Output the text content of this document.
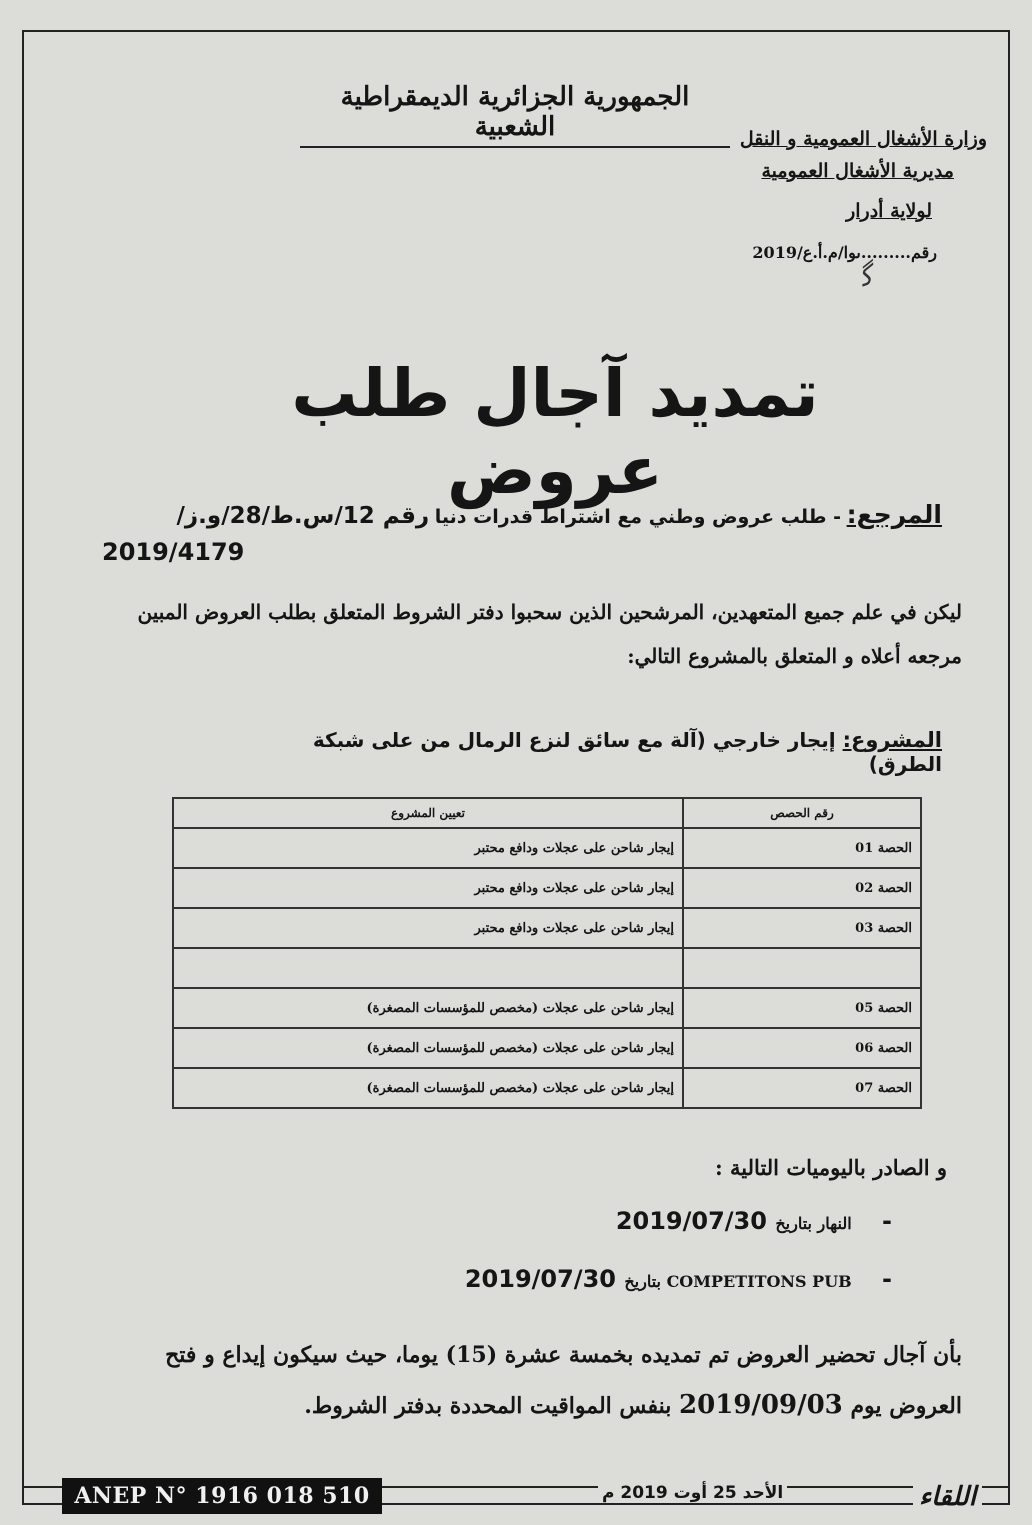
الجمهورية الجزائرية الديمقراطية الشعبية	وزارة الأشغال العمومية و النقل
مديرية الأشغال العمومية
لولاية أدرار
رقم.........ٮوا/م.أ.ع/2019
ﮔ
تمديد آجال طلب عروض
المرجع: - طلب عروض وطني مع اشتراط قدرات دنيا رقم 12/س.ط/28/و.ز/
2019/4179
ليكن في علم جميع المتعهدين، المرشحين الذين سحبوا دفتر الشروط المتعلق بطلب العروض المبين مرجعه أعلاه و المتعلق بالمشروع التالي:
المشروع: إيجار خارجي (آلة مع سائق لنزع الرمال من على شبكة الطرق)
رقم الحصص	تعيين المشروع
الحصة 01	إيجار شاحن على عجلات ودافع محتبر
الحصة 02	إيجار شاحن على عجلات ودافع محتبر
الحصة 03	إيجار شاحن على عجلات ودافع محتبر

الحصة 05	إيجار شاحن على عجلات (مخصص للمؤسسات المصغرة)
الحصة 06	إيجار شاحن على عجلات (مخصص للمؤسسات المصغرة)
الحصة 07	إيجار شاحن على عجلات (مخصص للمؤسسات المصغرة)
و الصادر باليوميات التالية :
- النهار بتاريخ 2019/07/30
- COMPETITONS PUB بتاريخ 2019/07/30
بأن آجال تحضير العروض تم تمديده بخمسة عشرة (15) يوما، حيث سيكون إيداع و فتح
العروض يوم 2019/09/03 بنفس المواقيت المحددة بدفتر الشروط.
ANEP N° 1916 018 510	الأحد 25 أوت 2019 م	اللقاء
